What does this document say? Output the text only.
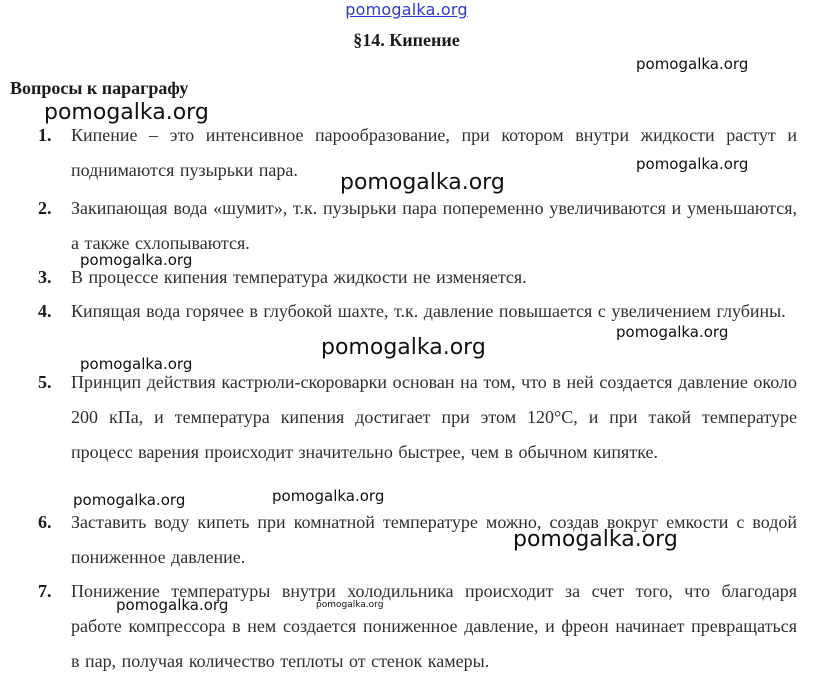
pomogalka.org
§14. Кипение
Вопросы к параграфу
1. Кипение – это интенсивное парообразование, при котором внутри жидкости растут и поднимаются пузырьки пара.
2. Закипающая вода «шумит», т.к. пузырьки пара попеременно увеличиваются и уменьшаются, а также схлопываются.
3. В процессе кипения температура жидкости не изменяется.
4. Кипящая вода горячее в глубокой шахте, т.к. давление повышается с увеличением глубины.
5. Принцип действия кастрюли-скороварки основан на том, что в ней создается давление около 200 кПа, и температура кипения достигает при этом 120°С, и при такой температуре процесс варения происходит значительно быстрее, чем в обычном кипятке.
6. Заставить воду кипеть при комнатной температуре можно, создав вокруг емкости с водой пониженное давление.
7. Понижение температуры внутри холодильника происходит за счет того, что благодаря работе компрессора в нем создается пониженное давление, и фреон начинает превращаться в пар, получая количество теплоты от стенок камеры.
pomogalka.org
pomogalka.org
pomogalka.org
pomogalka.org
pomogalka.org
pomogalka.org
pomogalka.org
pomogalka.org
pomogalka.org	pomogalka.org
pomogalka.org
pomogalka.org	pomogalka.org
